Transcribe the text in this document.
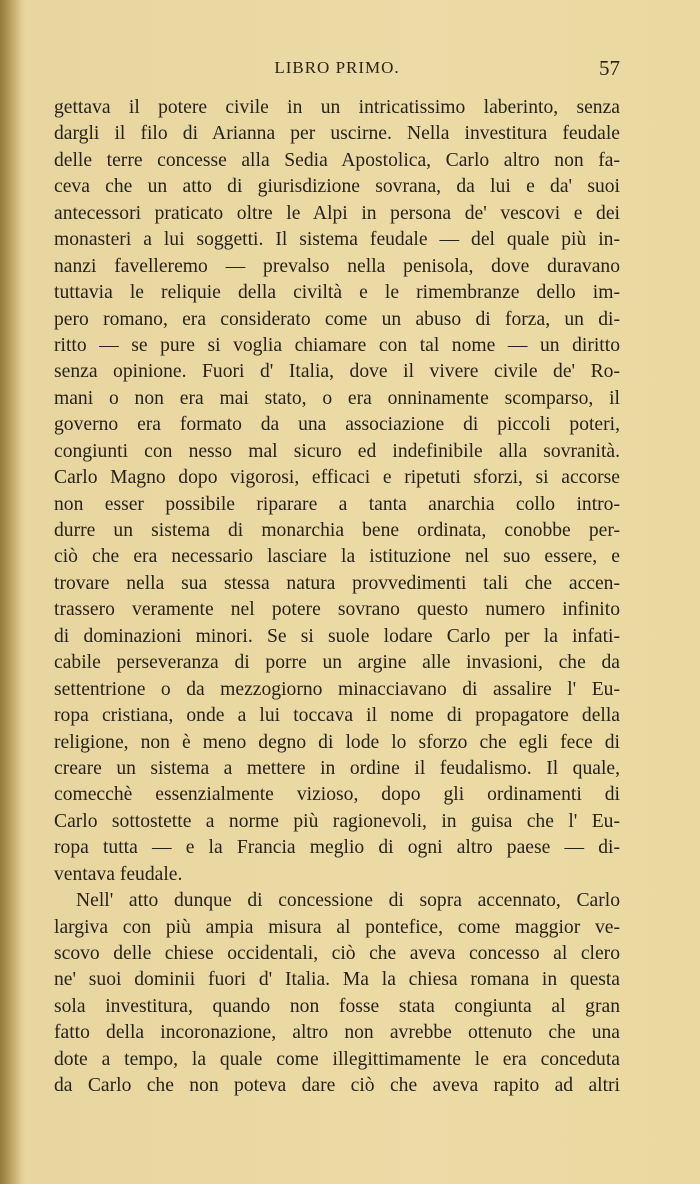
LIBRO PRIMO.	57
gettava il potere civile in un intricatissimo laberinto, senza
dargli il filo di Arianna per uscirne. Nella investitura feudale
delle terre concesse alla Sedia Apostolica, Carlo altro non fa-
ceva che un atto di giurisdizione sovrana, da lui e da' suoi
antecessori praticato oltre le Alpi in persona de' vescovi e dei
monasteri a lui soggetti. Il sistema feudale — del quale più in-
nanzi favelleremo — prevalso nella penisola, dove duravano
tuttavia le reliquie della civiltà e le rimembranze dello im-
pero romano, era considerato come un abuso di forza, un di-
ritto — se pure si voglia chiamare con tal nome — un diritto
senza opinione. Fuori d' Italia, dove il vivere civile de' Ro-
mani o non era mai stato, o era onninamente scomparso, il
governo era formato da una associazione di piccoli poteri,
congiunti con nesso mal sicuro ed indefinibile alla sovranità.
Carlo Magno dopo vigorosi, efficaci e ripetuti sforzi, si accorse
non esser possibile riparare a tanta anarchia collo intro-
durre un sistema di monarchia bene ordinata, conobbe per-
ciò che era necessario lasciare la istituzione nel suo essere, e
trovare nella sua stessa natura provvedimenti tali che accen-
trassero veramente nel potere sovrano questo numero infinito
di dominazioni minori. Se si suole lodare Carlo per la infati-
cabile perseveranza di porre un argine alle invasioni, che da
settentrione o da mezzogiorno minacciavano di assalire l' Eu-
ropa cristiana, onde a lui toccava il nome di propagatore della
religione, non è meno degno di lode lo sforzo che egli fece di
creare un sistema a mettere in ordine il feudalismo. Il quale,
comecchè essenzialmente vizioso, dopo gli ordinamenti di
Carlo sottostette a norme più ragionevoli, in guisa che l' Eu-
ropa tutta — e la Francia meglio di ogni altro paese — di-
ventava feudale.
Nell' atto dunque di concessione di sopra accennato, Carlo
largiva con più ampia misura al pontefice, come maggior ve-
scovo delle chiese occidentali, ciò che aveva concesso al clero
ne' suoi dominii fuori d' Italia. Ma la chiesa romana in questa
sola investitura, quando non fosse stata congiunta al gran
fatto della incoronazione, altro non avrebbe ottenuto che una
dote a tempo, la quale come illegittimamente le era conceduta
da Carlo che non poteva dare ciò che aveva rapito ad altri
